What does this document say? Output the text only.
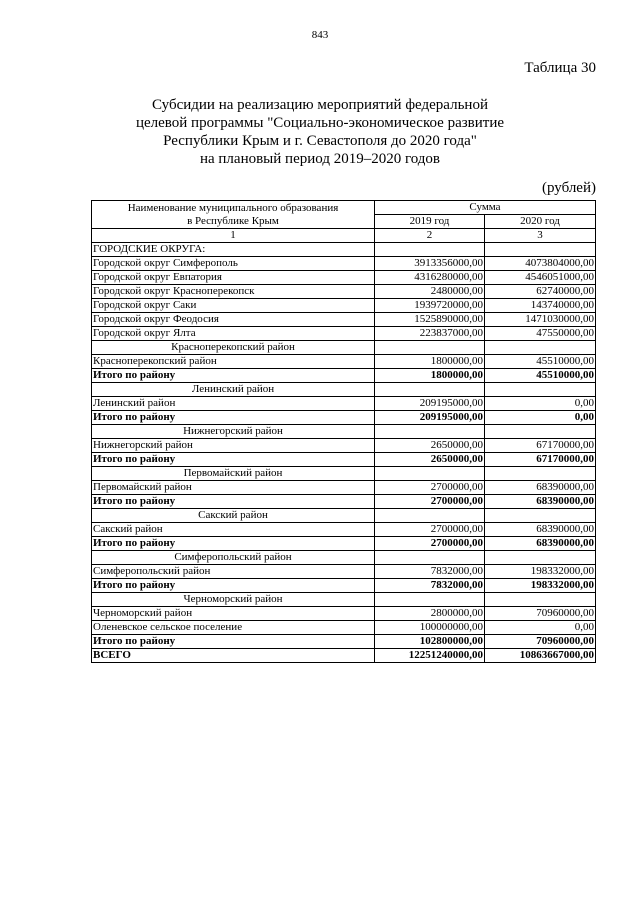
843
Таблица 30
Субсидии на реализацию мероприятий федеральной
целевой программы "Социально-экономическое развитие
Республики Крым и г. Севастополя до 2020 года"
на плановый период 2019–2020 годов
(рублей)
Наименование муниципального образования
в Республике Крым	Сумма	
	2019 год	2020 год
1	2	3
ГОРОДСКИЕ ОКРУГА:		
Городской округ Симферополь	3913356000,00	4073804000,00
Городской округ Евпатория	4316280000,00	4546051000,00
Городской округ Красноперекопск	2480000,00	62740000,00
Городской округ Саки	1939720000,00	143740000,00
Городской округ Феодосия	1525890000,00	1471030000,00
Городской округ Ялта	223837000,00	47550000,00
Красноперекопский район		
Красноперекопский район	1800000,00	45510000,00
Итого по району	1800000,00	45510000,00
Ленинский район		
Ленинский район	209195000,00	0,00
Итого по району	209195000,00	0,00
Нижнегорский район		
Нижнегорский район	2650000,00	67170000,00
Итого по району	2650000,00	67170000,00
Первомайский район		
Первомайский район	2700000,00	68390000,00
Итого по району	2700000,00	68390000,00
Сакский район		
Сакский район	2700000,00	68390000,00
Итого по району	2700000,00	68390000,00
Симферопольский район		
Симферопольский район	7832000,00	198332000,00
Итого по району	7832000,00	198332000,00
Черноморский район		
Черноморский район	2800000,00	70960000,00
Оленевское сельское поселение	100000000,00	0,00
Итого по району	102800000,00	70960000,00
ВСЕГО	12251240000,00	10863667000,00
